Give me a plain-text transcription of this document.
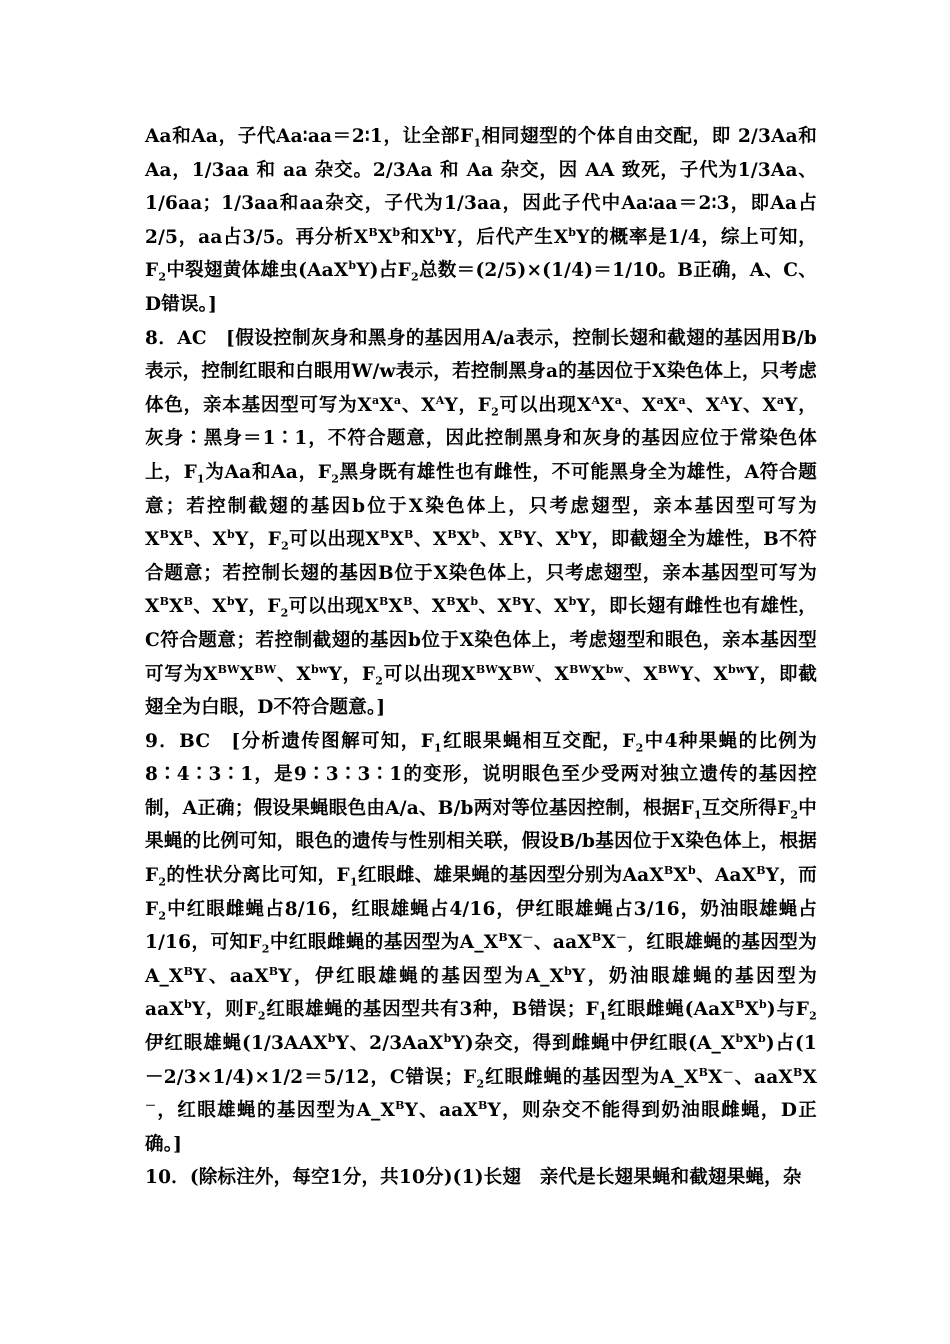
Aa和Aa，子代Aa∶aa＝2∶1，让全部$F_1$相同翅型的个体自由交配，即 2/3Aa和 Aa，1/3aa 和 aa 杂交。2/3Aa 和 Aa 杂交，因 AA 致死，子代为1/3Aa、1/6aa；1/3aa和aa杂交，子代为1/3aa，因此子代中Aa∶aa＝2∶3，即Aa占2/5，aa占3/5。再分析$X^BX^b$和$X^bY$，后代产生$X^bY$的概率是1/4，综上可知，$F_2$中裂翅黄体雄虫(AaX$^b$Y)占$F_2$总数＝(2/5)×(1/4)＝1/10。B正确，A、C、D错误。]

8．AC　[假设控制灰身和黑身的基因用A/a表示，控制长翅和截翅的基因用B/b表示，控制红眼和白眼用W/w表示，若控制黑身a的基因位于X染色体上，只考虑体色，亲本基因型可写为$X^aX^a$、$X^AY$，$F_2$可以出现$X^AX^a$、$X^aX^a$、$X^AY$、$X^aY$，灰身∶黑身＝1∶1，不符合题意，因此控制黑身和灰身的基因应位于常染色体上，$F_1$为Aa和Aa，$F_2$黑身既有雄性也有雌性，不可能黑身全为雄性，A符合题意；若控制截翅的基因b位于X染色体上，只考虑翅型，亲本基因型可写为$X^BX^B$、$X^bY$，$F_2$可以出现$X^BX^B$、$X^BX^b$、$X^BY$、$X^bY$，即截翅全为雄性，B不符合题意；若控制长翅的基因B位于X染色体上，只考虑翅型，亲本基因型可写为$X^BX^B$、$X^bY$，$F_2$可以出现$X^BX^B$、$X^BX^b$、$X^BY$、$X^bY$，即长翅有雌性也有雄性，C符合题意；若控制截翅的基因b位于X染色体上，考虑翅型和眼色，亲本基因型可写为$X^{BW}X^{BW}$、$X^{bw}Y$，$F_2$可以出现$X^{BW}X^{BW}$、$X^{BW}X^{bw}$、$X^{BW}Y$、$X^{bw}Y$，即截翅全为白眼，D不符合题意。]

9．BC　[分析遗传图解可知，$F_1$红眼果蝇相互交配，$F_2$中4种果蝇的比例为8∶4∶3∶1，是9∶3∶3∶1的变形，说明眼色至少受两对独立遗传的基因控制，A正确；假设果蝇眼色由A/a、B/b两对等位基因控制，根据$F_1$互交所得$F_2$中果蝇的比例可知，眼色的遗传与性别相关联，假设B/b基因位于X染色体上，根据$F_2$的性状分离比可知，$F_1$红眼雌、雄果蝇的基因型分别为$AaX^BX^b$、AaX$^B$Y，而$F_2$中红眼雌蝇占8/16，红眼雄蝇占4/16，伊红眼雄蝇占3/16，奶油眼雄蝇占1/16，可知$F_2$中红眼雌蝇的基因型为$A\_X^BX^-$、aaX$^B$X－，红眼雄蝇的基因型为$A\_X^BY$、aaX$^B$Y，伊红眼雄蝇的基因型为$A\_X^bY$，奶油眼雄蝇的基因型为aaX$^b$Y，则$F_2$红眼雄蝇的基因型共有3种，B错误；$F_1$红眼雌蝇$(AaX^BX^b)$与$F_2$伊红眼雄蝇(1/3AAX$^b$Y、2/3AaX$^b$Y)杂交，得到雌蝇中伊红眼$(A\_X^bX^b)$占(1－2/3×1/4)×1/2＝5/12，C错误；$F_2$红眼雌蝇的基因型为$A\_X^BX^-$、aaX$^B$X－，红眼雄蝇的基因型为$A\_X^BY$、aaX$^B$Y，则杂交不能得到奶油眼雌蝇，D正确。]

10．(除标注外，每空1分，共10分)(1)长翅　亲代是长翅果蝇和截翅果蝇，杂
